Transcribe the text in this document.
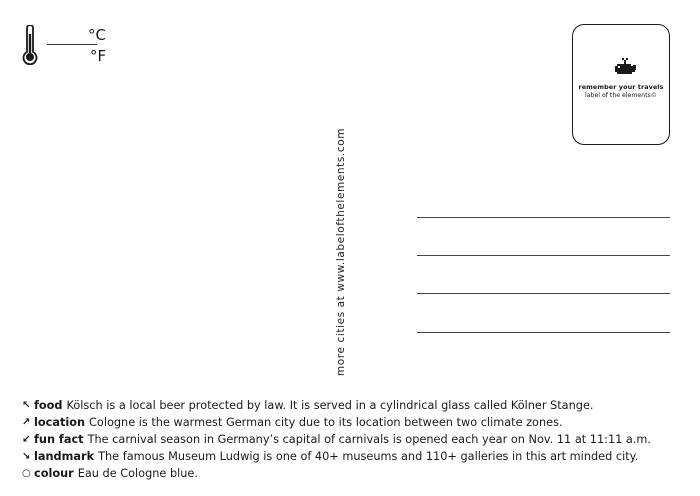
°C
°F
remember your travels
label of the elements©
more cities at www.labelofthelements.com
↖ food Kölsch is a local beer protected by law. It is served in a cylindrical glass called Kölner Stange.
↗ location Cologne is the warmest German city due to its location between two climate zones.
↙ fun fact The carnival season in Germany’s capital of carnivals is opened each year on Nov. 11 at 11:11 a.m.
↘ landmark The famous Museum Ludwig is one of 40+ museums and 110+ galleries in this art minded city.
○ colour Eau de Cologne blue.
